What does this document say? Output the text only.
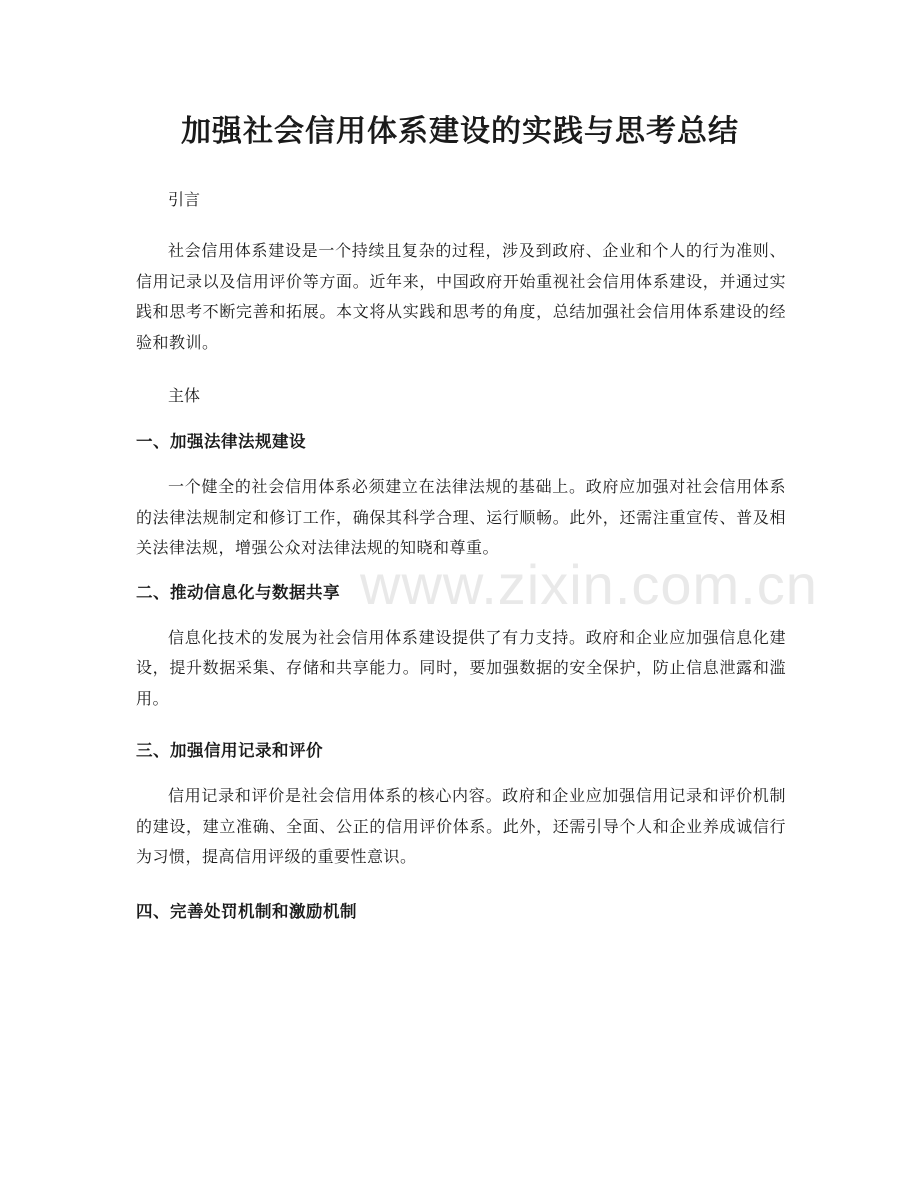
加强社会信用体系建设的实践与思考总结

引言

社会信用体系建设是一个持续且复杂的过程，涉及到政府、企业和个人的行为准则、信用记录以及信用评价等方面。近年来，中国政府开始重视社会信用体系建设，并通过实践和思考不断完善和拓展。本文将从实践和思考的角度，总结加强社会信用体系建设的经验和教训。

主体

一、加强法律法规建设

一个健全的社会信用体系必须建立在法律法规的基础上。政府应加强对社会信用体系的法律法规制定和修订工作，确保其科学合理、运行顺畅。此外，还需注重宣传、普及相关法律法规，增强公众对法律法规的知晓和尊重。

二、推动信息化与数据共享

信息化技术的发展为社会信用体系建设提供了有力支持。政府和企业应加强信息化建设，提升数据采集、存储和共享能力。同时，要加强数据的安全保护，防止信息泄露和滥用。

三、加强信用记录和评价

信用记录和评价是社会信用体系的核心内容。政府和企业应加强信用记录和评价机制的建设，建立准确、全面、公正的信用评价体系。此外，还需引导个人和企业养成诚信行为习惯，提高信用评级的重要性意识。

四、完善处罚机制和激励机制
www.zixin.com.cn
